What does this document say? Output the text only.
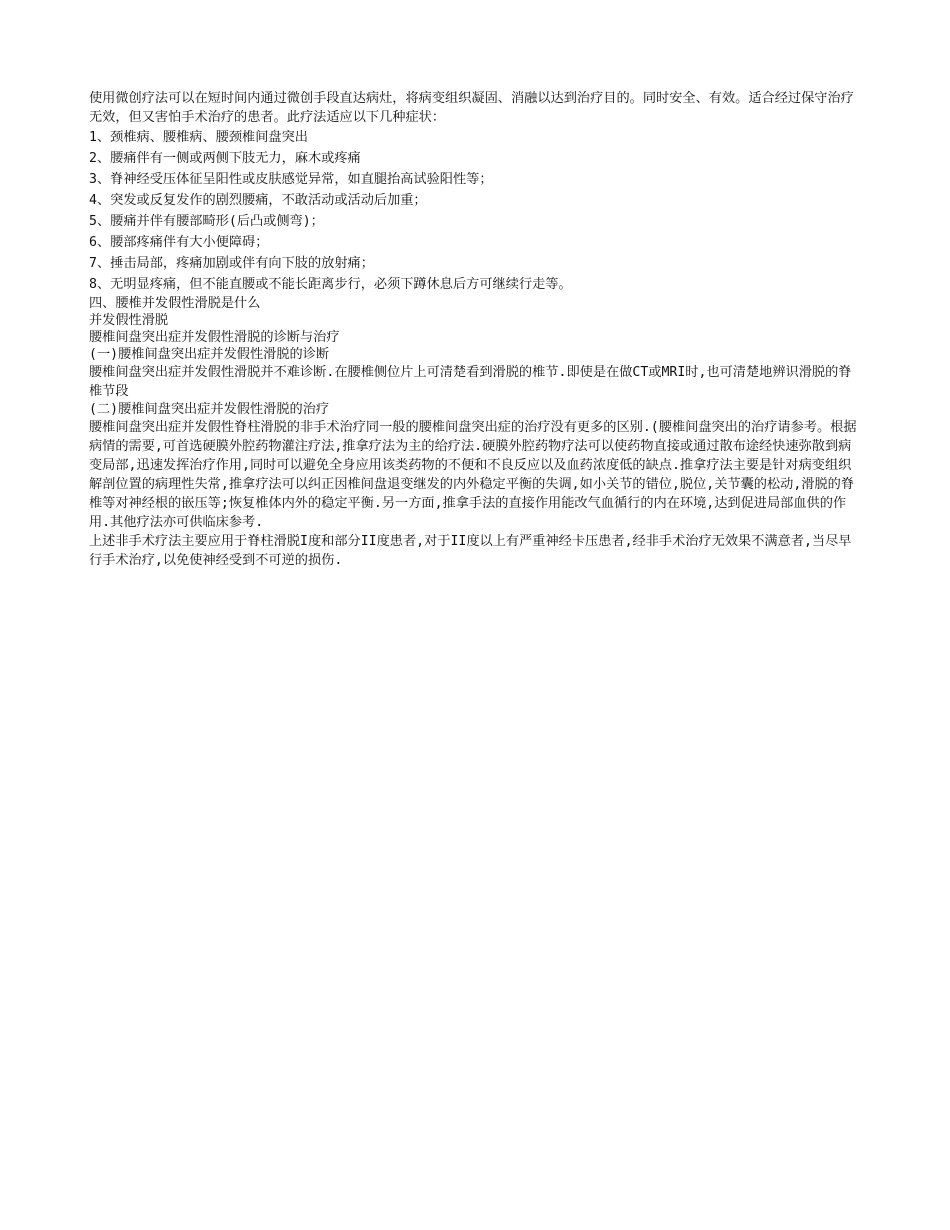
使用微创疗法可以在短时间内通过微创手段直达病灶，将病变组织凝固、消融以达到治疗目的。同时安全、有效。适合经过保守治疗无效，但又害怕手术治疗的患者。此疗法适应以下几种症状：

1、颈椎病、腰椎病、腰颈椎间盘突出

2、腰痛伴有一侧或两侧下肢无力，麻木或疼痛

3、脊神经受压体征呈阳性或皮肤感觉异常，如直腿抬高试验阳性等；

4、突发或反复发作的剧烈腰痛，不敢活动或活动后加重；

5、腰痛并伴有腰部畸形(后凸或侧弯)；

6、腰部疼痛伴有大小便障碍；

7、捶击局部，疼痛加剧或伴有向下肢的放射痛；

8、无明显疼痛，但不能直腰或不能长距离步行，必须下蹲休息后方可继续行走等。

四、腰椎并发假性滑脱是什么

并发假性滑脱

腰椎间盘突出症并发假性滑脱的诊断与治疗

(一)腰椎间盘突出症并发假性滑脱的诊断

腰椎间盘突出症并发假性滑脱并不难诊断.在腰椎侧位片上可清楚看到滑脱的椎节.即使是在做CT或MRI时,也可清楚地辨识滑脱的脊椎节段

(二)腰椎间盘突出症并发假性滑脱的治疗

腰椎间盘突出症并发假性脊柱滑脱的非手术治疗同一般的腰椎间盘突出症的治疗没有更多的区别.(腰椎间盘突出的治疗请参考。根据病情的需要,可首选硬膜外腔药物灌注疗法,推拿疗法为主的给疗法.硬膜外腔药物疗法可以使药物直接或通过散布途经快速弥散到病变局部,迅速发挥治疗作用,同时可以避免全身应用该类药物的不便和不良反应以及血药浓度低的缺点.推拿疗法主要是针对病变组织解剖位置的病理性失常,推拿疗法可以纠正因椎间盘退变继发的内外稳定平衡的失调,如小关节的错位,脱位,关节囊的松动,滑脱的脊椎等对神经根的嵌压等;恢复椎体内外的稳定平衡.另一方面,推拿手法的直接作用能改气血循行的内在环境,达到促进局部血供的作用.其他疗法亦可供临床参考.

上述非手术疗法主要应用于脊柱滑脱I度和部分II度患者,对于II度以上有严重神经卡压患者,经非手术治疗无效果不满意者,当尽早行手术治疗,以免使神经受到不可逆的损伤.
